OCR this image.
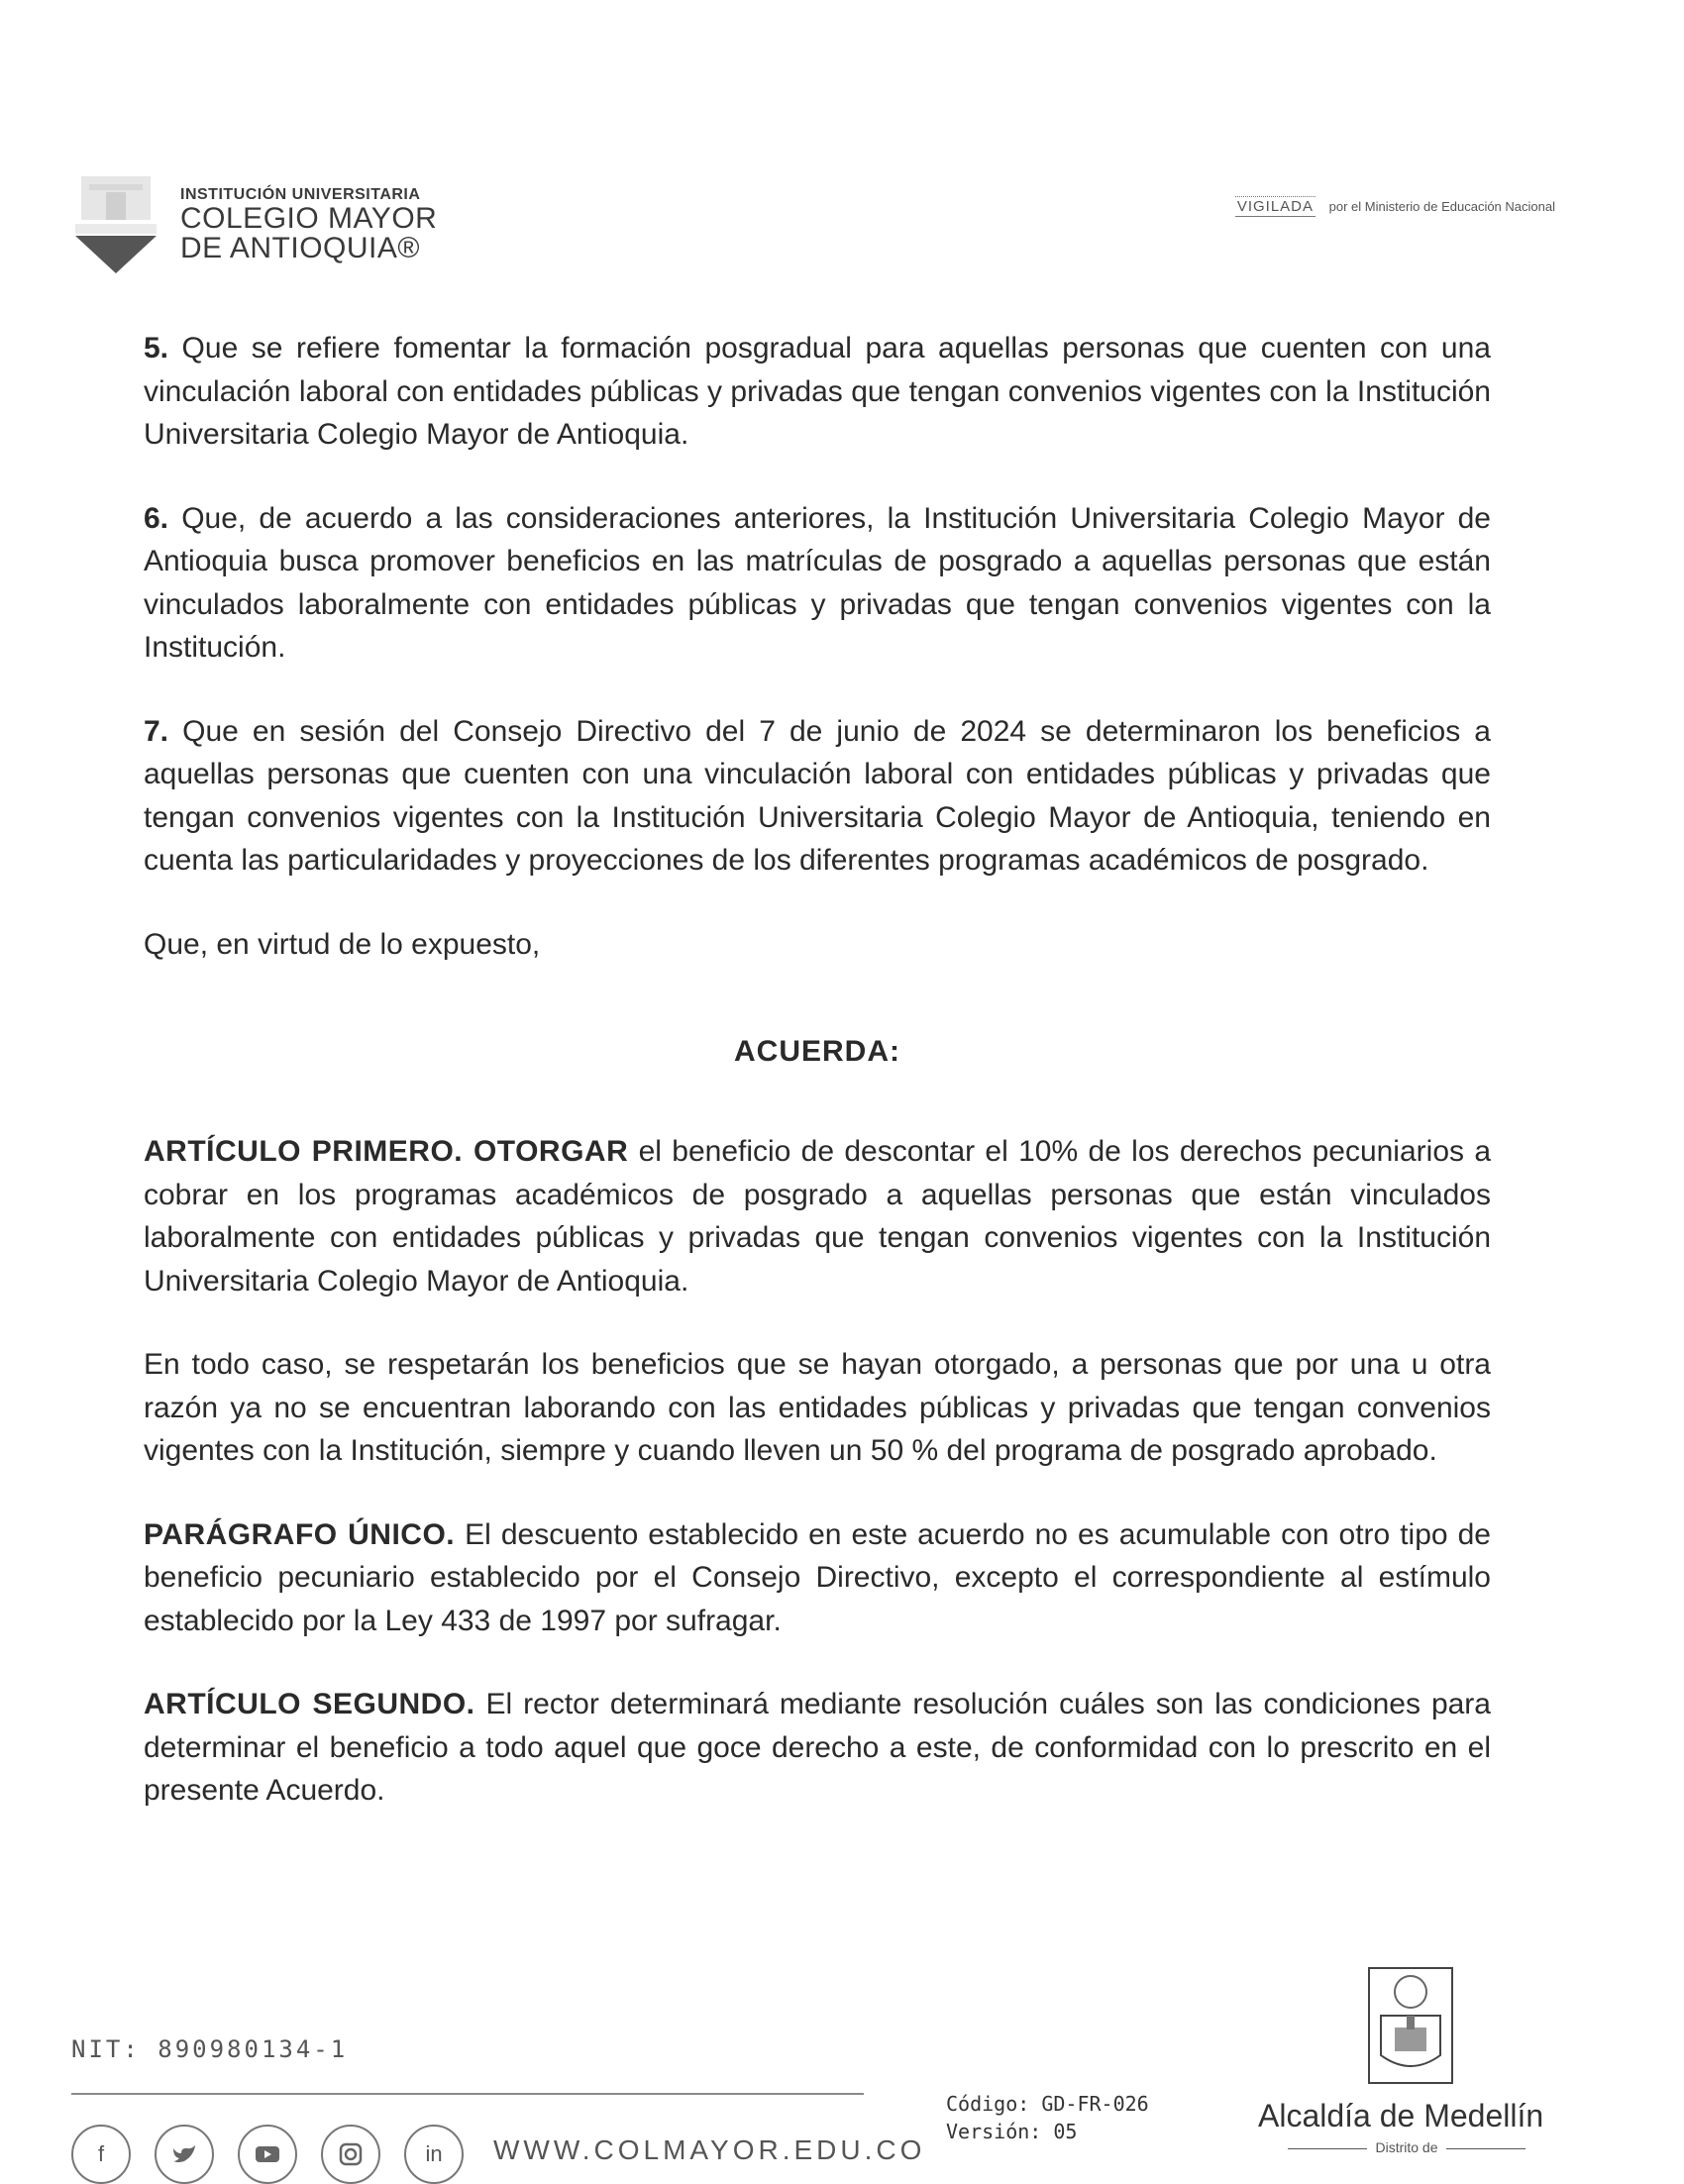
INSTITUCIÓN UNIVERSITARIA
COLEGIO MAYOR
DE ANTIOQUIA®
VIGILADA por el Ministerio de Educación Nacional

5. Que se refiere fomentar la formación posgradual para aquellas personas que cuenten con una vinculación laboral con entidades públicas y privadas que tengan convenios vigentes con la Institución Universitaria Colegio Mayor de Antioquia.

6. Que, de acuerdo a las consideraciones anteriores, la Institución Universitaria Colegio Mayor de Antioquia busca promover beneficios en las matrículas de posgrado a aquellas personas que están vinculados laboralmente con entidades públicas y privadas que tengan convenios vigentes con la Institución.

7. Que en sesión del Consejo Directivo del 7 de junio de 2024 se determinaron los beneficios a aquellas personas que cuenten con una vinculación laboral con entidades públicas y privadas que tengan convenios vigentes con la Institución Universitaria Colegio Mayor de Antioquia, teniendo en cuenta las particularidades y proyecciones de los diferentes programas académicos de posgrado.

Que, en virtud de lo expuesto,

ACUERDA:

ARTÍCULO PRIMERO. OTORGAR el beneficio de descontar el 10% de los derechos pecuniarios a cobrar en los programas académicos de posgrado a aquellas personas que están vinculados laboralmente con entidades públicas y privadas que tengan convenios vigentes con la Institución Universitaria Colegio Mayor de Antioquia.

En todo caso, se respetarán los beneficios que se hayan otorgado, a personas que por una u otra razón ya no se encuentran laborando con las entidades públicas y privadas que tengan convenios vigentes con la Institución, siempre y cuando lleven un 50 % del programa de posgrado aprobado.

PARÁGRAFO ÚNICO. El descuento establecido en este acuerdo no es acumulable con otro tipo de beneficio pecuniario establecido por el Consejo Directivo, excepto el correspondiente al estímulo establecido por la Ley 433 de 1997 por sufragar.

ARTÍCULO SEGUNDO. El rector determinará mediante resolución cuáles son las condiciones para determinar el beneficio a todo aquel que goce derecho a este, de conformidad con lo prescrito en el presente Acuerdo.

NIT: 890980134-1
f	in	WWW.COLMAYOR.EDU.CO
Código: GD-FR-026
Versión: 05	Alcaldía de Medellín
Distrito de
